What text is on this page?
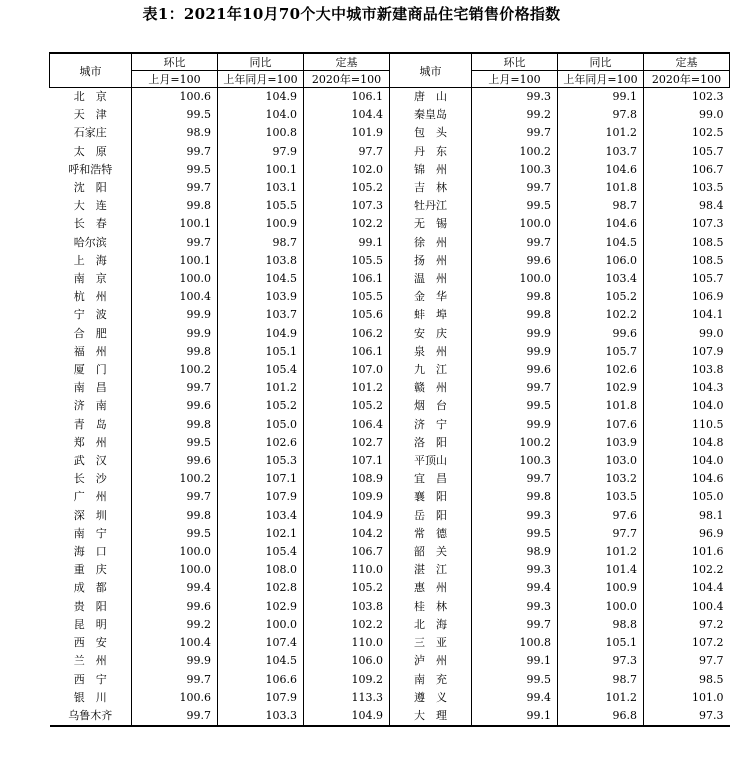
表1：2021年10月70个大中城市新建商品住宅销售价格指数
城市	环比	同比	定基	城市	环比	同比	定基
	上月=100	上年同月=100	2020年=100		上月=100	上年同月=100	2020年=100
北　京	100.6	104.9	106.1	唐　山	99.3	99.1	102.3
天　津	99.5	104.0	104.4	秦皇岛	99.2	97.8	99.0
石家庄	98.9	100.8	101.9	包　头	99.7	101.2	102.5
太　原	99.7	97.9	97.7	丹　东	100.2	103.7	105.7
呼和浩特	99.5	100.1	102.0	锦　州	100.3	104.6	106.7
沈　阳	99.7	103.1	105.2	吉　林	99.7	101.8	103.5
大　连	99.8	105.5	107.3	牡丹江	99.5	98.7	98.4
长　春	100.1	100.9	102.2	无　锡	100.0	104.6	107.3
哈尔滨	99.7	98.7	99.1	徐　州	99.7	104.5	108.5
上　海	100.1	103.8	105.5	扬　州	99.6	106.0	108.5
南　京	100.0	104.5	106.1	温　州	100.0	103.4	105.7
杭　州	100.4	103.9	105.5	金　华	99.8	105.2	106.9
宁　波	99.9	103.7	105.6	蚌　埠	99.8	102.2	104.1
合　肥	99.9	104.9	106.2	安　庆	99.9	99.6	99.0
福　州	99.8	105.1	106.1	泉　州	99.9	105.7	107.9
厦　门	100.2	105.4	107.0	九　江	99.6	102.6	103.8
南　昌	99.7	101.2	101.2	赣　州	99.7	102.9	104.3
济　南	99.6	105.2	105.2	烟　台	99.5	101.8	104.0
青　岛	99.8	105.0	106.4	济　宁	99.9	107.6	110.5
郑　州	99.5	102.6	102.7	洛　阳	100.2	103.9	104.8
武　汉	99.6	105.3	107.1	平顶山	100.3	103.0	104.0
长　沙	100.2	107.1	108.9	宜　昌	99.7	103.2	104.6
广　州	99.7	107.9	109.9	襄　阳	99.8	103.5	105.0
深　圳	99.8	103.4	104.9	岳　阳	99.3	97.6	98.1
南　宁	99.5	102.1	104.2	常　德	99.5	97.7	96.9
海　口	100.0	105.4	106.7	韶　关	98.9	101.2	101.6
重　庆	100.0	108.0	110.0	湛　江	99.3	101.4	102.2
成　都	99.4	102.8	105.2	惠　州	99.4	100.9	104.4
贵　阳	99.6	102.9	103.8	桂　林	99.3	100.0	100.4
昆　明	99.2	100.0	102.2	北　海	99.7	98.8	97.2
西　安	100.4	107.4	110.0	三　亚	100.8	105.1	107.2
兰　州	99.9	104.5	106.0	泸　州	99.1	97.3	97.7
西　宁	99.7	106.6	109.2	南　充	99.5	98.7	98.5
银　川	100.6	107.9	113.3	遵　义	99.4	101.2	101.0
乌鲁木齐	99.7	103.3	104.9	大　理	99.1	96.8	97.3
